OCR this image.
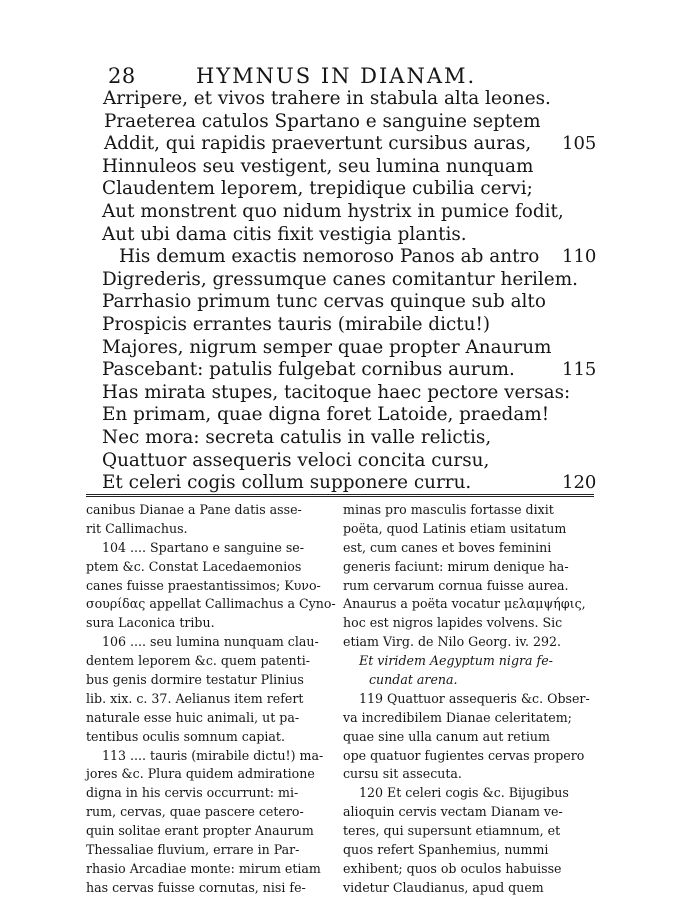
28	HYMNUS IN DIANAM.
Arripere, et vivos trahere in stabula alta leones.
Praeterea catulos Spartano e sanguine septem
Addit, qui rapidis praevertunt cursibus auras, 105
Hinnuleos seu vestigent, seu lumina nunquam
Claudentem leporem, trepidique cubilia cervi;
Aut monstrent quo nidum hystrix in pumice fodit,
Aut ubi dama citis fixit vestigia plantis.
His demum exactis nemoroso Panos ab antro 110
Digrederis, gressumque canes comitantur herilem.
Parrhasio primum tunc cervas quinque sub alto
Prospicis errantes tauris (mirabile dictu!)
Majores, nigrum semper quae propter Anaurum
Pascebant: patulis fulgebat cornibus aurum.	115
Has mirata stupes, tacitoque haec pectore versas:
En primam, quae digna foret Latoide, praedam!
Nec mora: secreta catulis in valle relictis,
Quattuor assequeris veloci concita cursu,
Et celeri cogis collum supponere curru.	120
canibus Dianae a Pane datis asse-
rit Callimachus.
104 .... Spartano e sanguine se-
ptem &c. Constat Lacedaemonios
canes fuisse praestantissimos; Κυνο-
σουρίδας appellat Callimachus a Cyno-
sura Laconica tribu.
106 .... seu lumina nunquam clau-
dentem leporem &c. quem patenti-
bus genis dormire testatur Plinius
lib. xix. c. 37. Aelianus item refert
naturale esse huic animali, ut pa-
tentibus oculis somnum capiat.
113 .... tauris (mirabile dictu!) ma-
jores &c. Plura quidem admiratione
digna in his cervis occurrunt: mi-
rum, cervas, quae pascere cetero-
quin solitae erant propter Anaurum
Thessaliae fluvium, errare in Par-
rhasio Arcadiae monte: mirum etiam
has cervas fuisse cornutas, nisi fe-
minas pro masculis fortasse dixit
poëta, quod Latinis etiam usitatum
est, cum canes et boves feminini
generis faciunt: mirum denique ha-
rum cervarum cornua fuisse aurea.
Anaurus a poëta vocatur μελαμψήφις,
hoc est nigros lapides volvens. Sic
etiam Virg. de Nilo Georg. iv. 292.
Et viridem Aegyptum nigra fe-
cundat arena.
119 Quattuor assequeris &c. Obser-
va incredibilem Dianae celeritatem;
quae sine ulla canum aut retium
ope quatuor fugientes cervas propero
cursu sit assecuta.
120 Et celeri cogis &c. Bijugibus
alioquin cervis vectam Dianam ve-
teres, qui supersunt etiamnum, et
quos refert Spanhemius, nummi
exhibent; quos ob oculos habuisse
videtur Claudianus, apud quem
